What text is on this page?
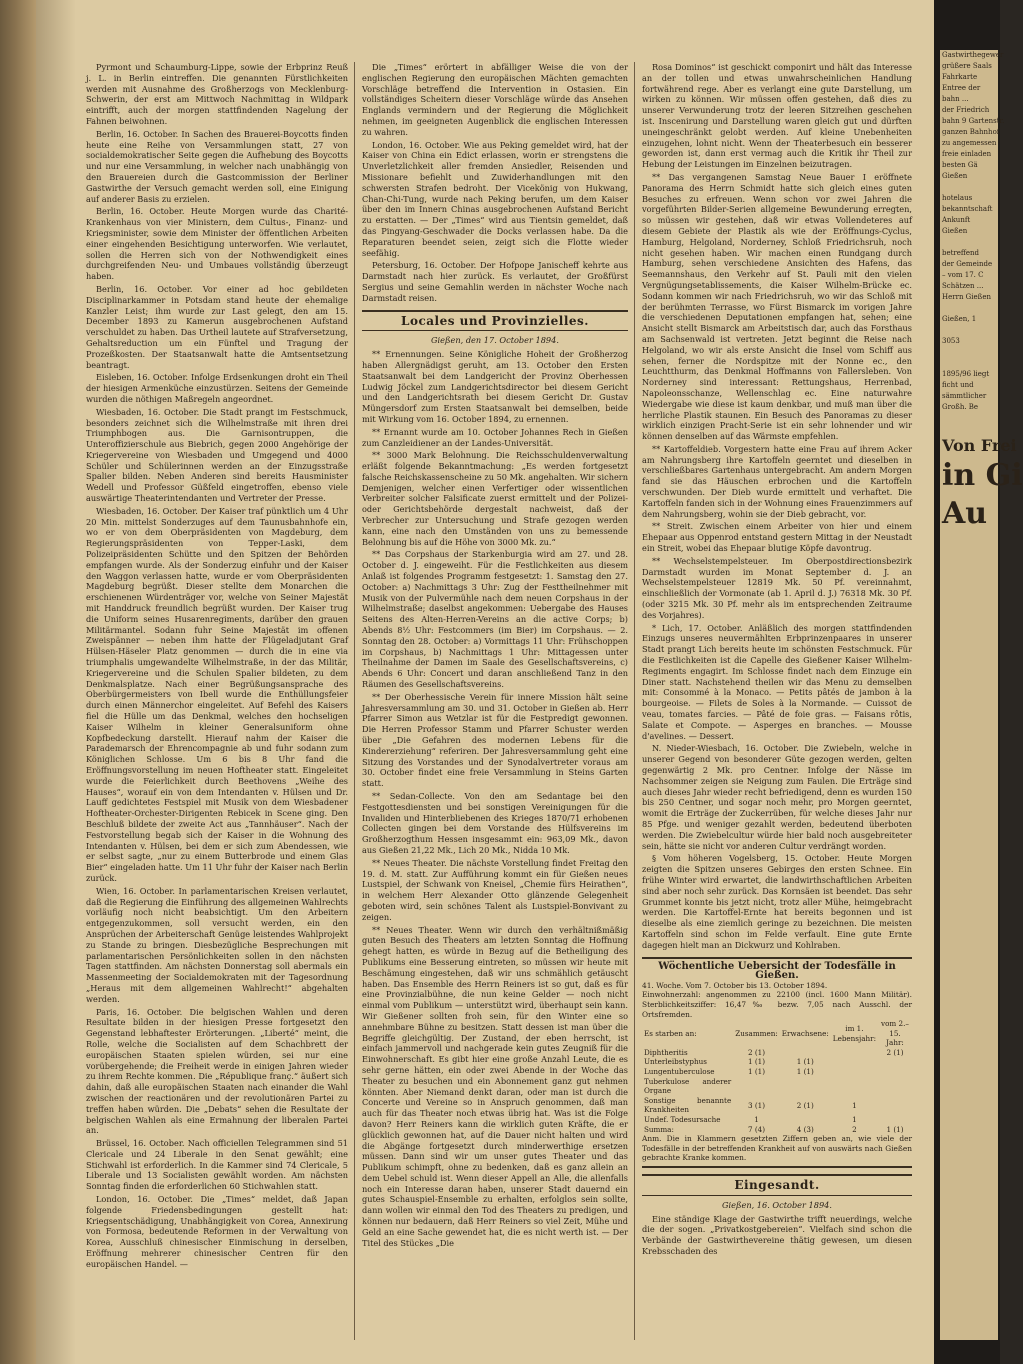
Pyrmont und Schaumburg-Lippe, sowie der Erbprinz Reuß j. L. in Berlin eintreffen. Die genannten Fürstlichkeiten werden mit Ausnahme des Großherzogs von Mecklenburg-Schwerin, der erst am Mittwoch Nachmittag in Wildpark eintrifft, auch der morgen stattfindenden Nagelung der Fahnen beiwohnen.

Berlin, 16. October. In Sachen des Brauerei-Boycotts finden heute eine Reihe von Versammlungen statt, 27 von socialdemokratischer Seite gegen die Aufhebung des Boycotts und nur eine Versammlung, in welcher nach unabhängig von den Brauereien durch die Gastcommission der Berliner Gastwirthe der Versuch gemacht werden soll, eine Einigung auf anderer Basis zu erzielen.

Berlin, 16. October. Heute Morgen wurde das Charité-Krankenhaus von vier Ministern, dem Cultus-, Finanz- und Kriegsminister, sowie dem Minister der öffentlichen Arbeiten einer eingehenden Besichtigung unterworfen. Wie verlautet, sollen die Herren sich von der Nothwendigkeit eines durchgreifenden Neu- und Umbaues vollständig überzeugt haben.

Berlin, 16. October. Vor einer ad hoc gebildeten Disciplinarkammer in Potsdam stand heute der ehemalige Kanzler Leist; ihm wurde zur Last gelegt, den am 15. December 1893 zu Kamerun ausgebrochenen Aufstand verschuldet zu haben. Das Urtheil lautete auf Strafversetzung, Gehaltsreduction um ein Fünftel und Tragung der Prozeßkosten. Der Staatsanwalt hatte die Amtsentsetzung beantragt.

Eisleben, 16. October. Infolge Erdsenkungen droht ein Theil der hiesigen Armenküche einzustürzen. Seitens der Gemeinde wurden die nöthigen Maßregeln angeordnet.

Wiesbaden, 16. October. Die Stadt prangt im Festschmuck, besonders zeichnet sich die Wilhelmstraße mit ihren drei Triumphbogen aus. Die Garnisontruppen, die Unteroffizierschule aus Biebrich, gegen 2000 Angehörige der Kriegervereine von Wiesbaden und Umgegend und 4000 Schüler und Schülerinnen werden an der Einzugsstraße Spalier bilden. Neben Anderen sind bereits Hausminister Wedell und Professor Güßfeld eingetroffen, ebenso viele auswärtige Theaterintendanten und Vertreter der Presse.

Wiesbaden, 16. October. Der Kaiser traf pünktlich um 4 Uhr 20 Min. mittelst Sonderzuges auf dem Taunusbahnhofe ein, wo er von dem Oberpräsidenten von Magdeburg, dem Regierungspräsidenten von Tepper-Laski, dem Polizeipräsidenten Schütte und den Spitzen der Behörden empfangen wurde. Als der Sonderzug einfuhr und der Kaiser den Waggon verlassen hatte, wurde er vom Oberpräsidenten Magdeburg begrüßt. Dieser stellte dem Monarchen die erschienenen Würdenträger vor, welche von Seiner Majestät mit Handdruck freundlich begrüßt wurden. Der Kaiser trug die Uniform seines Husarenregiments, darüber den grauen Militärmantel. Sodann fuhr Seine Majestät im offenen Zweispänner — neben ihm hatte der Flügeladjutant Graf Hülsen-Häseler Platz genommen — durch die in eine via triumphalis umgewandelte Wilhelmstraße, in der das Militär, Kriegervereine und die Schulen Spalier bildeten, zu dem Denkmalsplatze. Nach einer Begrüßungsansprache des Oberbürgermeisters von Ibell wurde die Enthüllungsfeier durch einen Männerchor eingeleitet. Auf Befehl des Kaisers fiel die Hülle um das Denkmal, welches den hochseligen Kaiser Wilhelm in kleiner Generalsuniform ohne Kopfbedeckung darstellt. Hierauf nahm der Kaiser die Parademarsch der Ehrencompagnie ab und fuhr sodann zum Königlichen Schlosse. Um 6 bis 8 Uhr fand die Eröffnungsvorstellung im neuen Hoftheater statt. Eingeleitet wurde die Feierlichkeit durch Beethovens „Weihe des Hauses“, worauf ein von dem Intendanten v. Hülsen und Dr. Lauff gedichtetes Festspiel mit Musik von dem Wiesbadener Hoftheater-Orchester-Dirigenten Rebicek in Scene ging. Den Beschluß bildete der zweite Act aus „Tannhäuser“. Nach der Festvorstellung begab sich der Kaiser in die Wohnung des Intendanten v. Hülsen, bei dem er sich zum Abendessen, wie er selbst sagte, „nur zu einem Butterbrode und einem Glas Bier“ eingeladen hatte. Um 11 Uhr fuhr der Kaiser nach Berlin zurück.

Wien, 16. October. In parlamentarischen Kreisen verlautet, daß die Regierung die Einführung des allgemeinen Wahlrechts vorläufig noch nicht beabsichtigt. Um den Arbeitern entgegenzukommen, soll versucht werden, ein den Ansprüchen der Arbeiterschaft Genüge leistendes Wahlprojekt zu Stande zu bringen. Diesbezügliche Besprechungen mit parlamentarischen Persönlichkeiten sollen in den nächsten Tagen stattfinden. Am nächsten Donnerstag soll abermals ein Massenmeeting der Socialdemokraten mit der Tagesordnung „Heraus mit dem allgemeinen Wahlrecht!“ abgehalten werden.

Paris, 16. October. Die belgischen Wahlen und deren Resultate bilden in der hiesigen Presse fortgesetzt den Gegenstand lebhaftester Erörterungen. „Liberté“ meint, die Rolle, welche die Socialisten auf dem Schachbrett der europäischen Staaten spielen würden, sei nur eine vorübergehende; die Freiheit werde in einigen Jahren wieder zu ihrem Rechte kommen. Die „République franç.“ äußert sich dahin, daß alle europäischen Staaten nach einander die Wahl zwischen der reactionären und der revolutionären Partei zu treffen haben würden. Die „Debats“ sehen die Resultate der belgischen Wahlen als eine Ermahnung der liberalen Partei an.

Brüssel, 16. October. Nach officiellen Telegrammen sind 51 Clericale und 24 Liberale in den Senat gewählt; eine Stichwahl ist erforderlich. In die Kammer sind 74 Clericale, 5 Liberale und 13 Socialisten gewählt worden. Am nächsten Sonntag finden die erforderlichen 60 Stichwahlen statt.

London, 16. October. Die „Times“ meldet, daß Japan folgende Friedensbedingungen gestellt hat: Kriegsentschädigung, Unabhängigkeit von Corea, Annexirung von Formosa, bedeutende Reformen in der Verwaltung von Korea, Ausschluß chinesischer Einmischung in derselben, Eröffnung mehrerer chinesischer Centren für den europäischen Handel. —

Die „Times“ erörtert in abfälliger Weise die von der englischen Regierung den europäischen Mächten gemachten Vorschläge betreffend die Intervention in Ostasien. Ein vollständiges Scheitern dieser Vorschläge würde das Ansehen Englands vermindern und der Regierung die Möglichkeit nehmen, im geeigneten Augenblick die englischen Interessen zu wahren.

London, 16. October. Wie aus Peking gemeldet wird, hat der Kaiser von China ein Edict erlassen, worin er strengstens die Unverletzlichkeit aller fremden Ansiedler, Reisenden und Missionare befiehlt und Zuwiderhandlungen mit den schwersten Strafen bedroht. Der Vicekönig von Hukwang, Chan-Chi-Tung, wurde nach Peking berufen, um dem Kaiser über den im Innern Chinas ausgebrochenen Aufstand Bericht zu erstatten. — Der „Times“ wird aus Tientsin gemeldet, daß das Pingyang-Geschwader die Docks verlassen habe. Da die Reparaturen beendet seien, zeigt sich die Flotte wieder seefähig.

Petersburg, 16. October. Der Hofpope Janischeff kehrte aus Darmstadt nach hier zurück. Es verlautet, der Großfürst Sergius und seine Gemahlin werden in nächster Woche nach Darmstadt reisen.

Locales und Provinzielles.
Gießen, den 17. October 1894.

** Ernennungen. Seine Königliche Hoheit der Großherzog haben Allergnädigst geruht, am 13. October den Ersten Staatsanwalt bei dem Landgericht der Provinz Oberhessen Ludwig Jöckel zum Landgerichtsdirector bei diesem Gericht und den Landgerichtsrath bei diesem Gericht Dr. Gustav Müngersdorf zum Ersten Staatsanwalt bei demselben, beide mit Wirkung vom 16. October 1894, zu ernennen.

** Ernannt wurde am 10. October Johannes Rech in Gießen zum Canzleidiener an der Landes-Universität.

** 3000 Mark Belohnung. Die Reichsschuldenverwaltung erläßt folgende Bekanntmachung: „Es werden fortgesetzt falsche Reichskassenscheine zu 50 Mk. angehalten. Wir sichern Demjenigen, welcher einen Verfertiger oder wissentlichen Verbreiter solcher Falsificate zuerst ermittelt und der Polizei- oder Gerichtsbehörde dergestalt nachweist, daß der Verbrecher zur Untersuchung und Strafe gezogen werden kann, eine nach den Umständen von uns zu bemessende Belohnung bis auf die Höhe von 3000 Mk. zu.“

** Das Corpshaus der Starkenburgia wird am 27. und 28. October d. J. eingeweiht. Für die Festlichkeiten aus diesem Anlaß ist folgendes Programm festgesetzt: 1. Samstag den 27. October: a) Nachmittags 3 Uhr: Zug der Festtheilnehmer mit Musik von der Pulvermühle nach dem neuen Corpshaus in der Wilhelmstraße; daselbst angekommen: Uebergabe des Hauses Seitens des Alten-Herren-Vereins an die active Corps; b) Abends 8½ Uhr: Festcommers (im Bier) im Corpshaus. — 2. Sonntag den 28. October: a) Vormittags 11 Uhr: Frühschoppen im Corpshaus, b) Nachmittags 1 Uhr: Mittagessen unter Theilnahme der Damen im Saale des Gesellschaftsvereins, c) Abends 6 Uhr: Concert und daran anschließend Tanz in den Räumen des Gesellschaftsvereins.

** Der Oberhessische Verein für innere Mission hält seine Jahresversammlung am 30. und 31. October in Gießen ab. Herr Pfarrer Simon aus Wetzlar ist für die Festpredigt gewonnen. Die Herren Professor Stamm und Pfarrer Schuster werden über „Die Gefahren des modernen Lebens für die Kindererziehung“ referiren. Der Jahresversammlung geht eine Sitzung des Vorstandes und der Synodalvertreter voraus am 30. October findet eine freie Versammlung in Steins Garten statt.

** Sedan-Collecte. Von den am Sedantage bei den Festgottesdiensten und bei sonstigen Vereinigungen für die Invaliden und Hinterbliebenen des Krieges 1870/71 erhobenen Collecten gingen bei dem Vorstande des Hülfsvereins im Großherzogthum Hessen insgesammt ein: 963,09 Mk., davon aus Gießen 21,22 Mk., Lich 20 Mk., Nidda 10 Mk.

** Neues Theater. Die nächste Vorstellung findet Freitag den 19. d. M. statt. Zur Aufführung kommt ein für Gießen neues Lustspiel, der Schwank von Kneisel, „Chemie fürs Heirathen“, in welchem Herr Alexander Otto glänzende Gelegenheit geboten wird, sein schönes Talent als Lustspiel-Bonvivant zu zeigen.

** Neues Theater. Wenn wir durch den verhältnißmäßig guten Besuch des Theaters am letzten Sonntag die Hoffnung gehegt hatten, es würde in Bezug auf die Betheiligung des Publikums eine Besserung eintreten, so müssen wir heute mit Beschämung eingestehen, daß wir uns schmählich getäuscht haben. Das Ensemble des Herrn Reiners ist so gut, daß es für eine Provinzialbühne, die nun keine Gelder — noch nicht einmal vom Publikum — unterstützt wird, überhaupt sein kann. Wir Gießener sollten froh sein, für den Winter eine so annehmbare Bühne zu besitzen. Statt dessen ist man über die Begriffe gleichgültig. Der Zustand, der eben herrscht, ist einfach jammervoll und nachgerade kein gutes Zeugniß für die Einwohnerschaft. Es gibt hier eine große Anzahl Leute, die es sehr gerne hätten, ein oder zwei Abende in der Woche das Theater zu besuchen und ein Abonnement ganz gut nehmen könnten. Aber Niemand denkt daran, oder man ist durch die Concerte und Vereine so in Anspruch genommen, daß man auch für das Theater noch etwas übrig hat. Was ist die Folge davon? Herr Reiners kann die wirklich guten Kräfte, die er glücklich gewonnen hat, auf die Dauer nicht halten und wird die Abgänge fortgesetzt durch minderwerthige ersetzen müssen. Dann sind wir um unser gutes Theater und das Publikum schimpft, ohne zu bedenken, daß es ganz allein an dem Uebel schuld ist. Wenn dieser Appell an Alle, die allenfalls noch ein Interesse daran haben, unserer Stadt dauernd ein gutes Schauspiel-Ensemble zu erhalten, erfolglos sein sollte, dann wollen wir einmal den Tod des Theaters zu predigen, und können nur bedauern, daß Herr Reiners so viel Zeit, Mühe und Geld an eine Sache gewendet hat, die es nicht werth ist. — Der Titel des Stückes „Die

Rosa Dominos“ ist geschickt componirt und hält das Interesse an der tollen und etwas unwahrscheinlichen Handlung fortwährend rege. Aber es verlangt eine gute Darstellung, um wirken zu können. Wir müssen offen gestehen, daß dies zu unserer Verwunderung trotz der leeren Sitzreihen geschehen ist. Inscenirung und Darstellung waren gleich gut und dürften uneingeschränkt gelobt werden. Auf kleine Unebenheiten einzugehen, lohnt nicht. Wenn der Theaterbesuch ein besserer geworden ist, dann erst vermag auch die Kritik ihr Theil zur Hebung der Leistungen im Einzelnen beizutragen.

** Das vergangenen Samstag Neue Bauer I eröffnete Panorama des Herrn Schmidt hatte sich gleich eines guten Besuches zu erfreuen. Wenn schon vor zwei Jahren die vorgeführten Bilder-Serien allgemeine Bewunderung erregten, so müssen wir gestehen, daß wir etwas Vollendeteres auf diesem Gebiete der Plastik als wie der Eröffnungs-Cyclus, Hamburg, Helgoland, Norderney, Schloß Friedrichsruh, noch nicht gesehen haben. Wir machen einen Rundgang durch Hamburg, sehen verschiedene Ansichten des Hafens, das Seemannshaus, den Verkehr auf St. Pauli mit den vielen Vergnügungsetablissements, die Kaiser Wilhelm-Brücke ec. Sodann kommen wir nach Friedrichsruh, wo wir das Schloß mit der berühmten Terrasse, wo Fürst Bismarck im vorigen Jahre die verschiedenen Deputationen empfangen hat, sehen; eine Ansicht stellt Bismarck am Arbeitstisch dar, auch das Forsthaus am Sachsenwald ist vertreten. Jetzt beginnt die Reise nach Helgoland, wo wir als erste Ansicht die Insel vom Schiff aus sehen, ferner die Nordspitze mit der Nonne ec., den Leuchtthurm, das Denkmal Hoffmanns von Fallersleben. Von Norderney sind interessant: Rettungshaus, Herrenbad, Napoleonsschanze, Wellenschlag ec. Eine naturwahre Wiedergabe wie diese ist kaum denkbar, und muß man über die herrliche Plastik staunen. Ein Besuch des Panoramas zu dieser wirklich einzigen Pracht-Serie ist ein sehr lohnender und wir können denselben auf das Wärmste empfehlen.

** Kartoffeldieb. Vorgestern hatte eine Frau auf ihrem Acker am Nahrungsberg ihre Kartoffeln geerntet und dieselben in verschließbares Gartenhaus untergebracht. Am andern Morgen fand sie das Häuschen erbrochen und die Kartoffeln verschwunden. Der Dieb wurde ermittelt und verhaftet. Die Kartoffeln fanden sich in der Wohnung eines Frauenzimmers auf dem Nahrungsberg, wohin sie der Dieb gebracht, vor.

** Streit. Zwischen einem Arbeiter von hier und einem Ehepaar aus Oppenrod entstand gestern Mittag in der Neustadt ein Streit, wobei das Ehepaar blutige Köpfe davontrug.

** Wechselstempelsteuer. Im Oberpostdirectionsbezirk Darmstadt wurden im Monat September d. J. an Wechselstempelsteuer 12819 Mk. 50 Pf. vereinnahmt, einschließlich der Vormonate (ab 1. April d. J.) 76318 Mk. 30 Pf. (oder 3215 Mk. 30 Pf. mehr als im entsprechenden Zeitraume des Vorjahres).

* Lich, 17. October. Anläßlich des morgen stattfindenden Einzugs unseres neuvermählten Erbprinzenpaares in unserer Stadt prangt Lich bereits heute im schönsten Festschmuck. Für die Festlichkeiten ist die Capelle des Gießener Kaiser Wilhelm-Regiments engagirt. Im Schlosse findet nach dem Einzuge ein Diner statt. Nachstehend theilen wir das Menu zu demselben mit: Consommé à la Monaco. — Petits pâtés de jambon à la bourgeoise. — Filets de Soles à la Normande. — Cuissot de veau, tomates farcies. — Pâté de foie gras. — Faisans rôtis, Salate et Compote. — Asperges en branches. — Mousse d'avelines. — Dessert.

N. Nieder-Wiesbach, 16. October. Die Zwiebeln, welche in unserer Gegend von besonderer Güte gezogen werden, gelten gegenwärtig 2 Mk. pro Centner. Infolge der Nässe im Nachsommer zeigen sie Neigung zum Faulen. Die Erträge sind auch dieses Jahr wieder recht befriedigend, denn es wurden 150 bis 250 Centner, und sogar noch mehr, pro Morgen geerntet, womit die Erträge der Zuckerrüben, für welche dieses Jahr nur 85 Pfge. und weniger gezahlt werden, bedeutend überboten werden. Die Zwiebelcultur würde hier bald noch ausgebreiteter sein, hätte sie nicht vor anderen Cultur verdrängt worden.

§ Vom höheren Vogelsberg, 15. October. Heute Morgen zeigten die Spitzen unseres Gebirges den ersten Schnee. Ein frühe Winter wird erwartet, die landwirthschaftlichen Arbeiten sind aber noch sehr zurück. Das Kornsäen ist beendet. Das sehr Grummet konnte bis jetzt nicht, trotz aller Mühe, heimgebracht werden. Die Kartoffel-Ernte hat bereits begonnen und ist dieselbe als eine ziemlich geringe zu bezeichnen. Die meisten Kartoffeln sind schon im Felde verfault. Eine gute Ernte dagegen hielt man an Dickwurz und Kohlraben.

Wöchentliche Uebersicht der Todesfälle in Gießen.
41. Woche. Vom 7. October bis 13. October 1894.
Einwohnerzahl: angenommen zu 22100 (incl. 1600 Mann Militär). Sterblichkeitsziffer: 16,47‰ bezw. 7,05 nach Ausschl. der Ortsfremden.
Es starben an:	Zusammen:	Erwachsene:	im 1. Lebensjahr:	vom 2.–15. Jahr:
Diphtheritis	2 (1)			2 (1)
Unterleibstyphus	1 (1)	1 (1)		
Lungentuberculose	1 (1)	1 (1)		
Tuberkulose anderer Organe				
Sonstige benannte Krankheiten	3 (1)	2 (1)	1	
Undef. Todesursache	1		1	
Summa:	7 (4)	4 (3)	2	1 (1)
Anm. Die in Klammern gesetzten Ziffern geben an, wie viele der Todesfälle in der betreffenden Krankheit auf von auswärts nach Gießen gebrachte Kranke kommen.
Eingesandt.
Gießen, 16. October 1894.

Eine ständige Klage der Gastwirthe trifft neuerdings, welche die der sogen. „Privatkostgebereien“. Vielfach sind schon die Verbände der Gastwirthevereine thätig gewesen, um diesen Krebsschaden des

Gastwirthegewer
grüßere Saals
Fahrkarte
Entree der
bahn ...
der Friedrich
bahn 9 Gartenstr.
ganzen Bahnhof
zu angemessen
freie einladen
besten Gä
Gießen

hotelaus
bekanntschaft
Ankunft
Gießen

betreffend
der Gemeinde
– vom 17. C
Schätzen ...
Herrn Gießen

Gießen, 1

3053

1895/96 liegt
ficht und
sämmtlicher
Großh. Be

Von Frei
in Gi
Au
